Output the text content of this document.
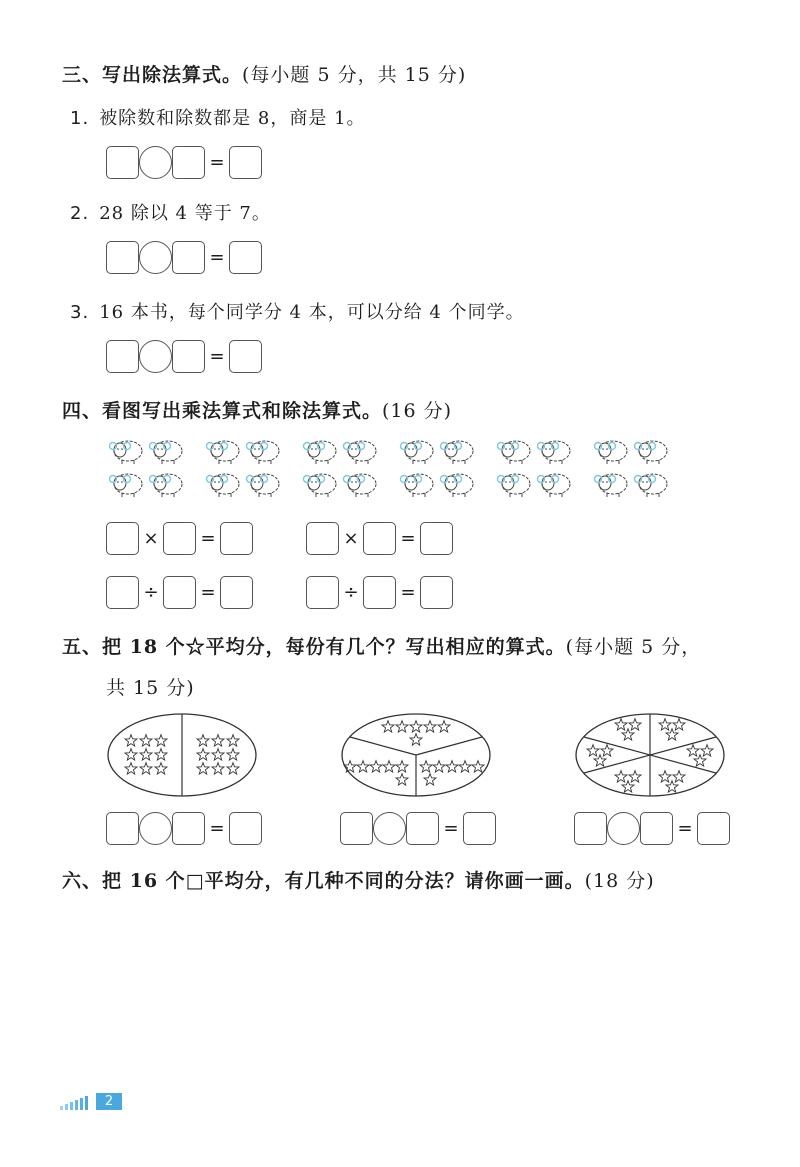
三、写出除法算式。(每小题 5 分，共 15 分)
1. 被除数和除数都是 8，商是 1。
=
2. 28 除以 4 等于 7。
=
3. 16 本书，每个同学分 4 本，可以分给 4 个同学。
=
四、看图写出乘法算式和除法算式。(16 分)
× =	× =
÷ =	÷ =
五、把 18 个☆平均分，每份有几个？写出相应的算式。(每小题 5 分，
共 15 分)
=	=	=
六、把 16 个□平均分，有几种不同的分法？请你画一画。(18 分)
2
